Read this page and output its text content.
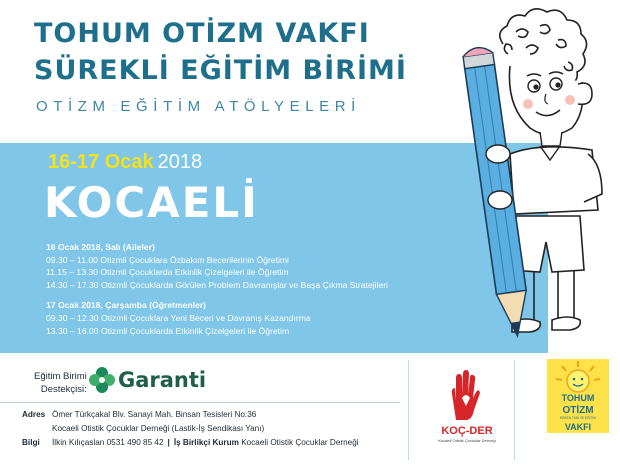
TOHUM OTİZM VAKFI
SÜREKLİ EĞİTİM BİRİMİ
OTİZM EĞİTİM ATÖLYELERİ
16-17 Ocak 2018
KOCAELİ
16 Ocak 2018, Salı (Aileler)
09.30 – 11.00 Otizmli Çocuklara Özbakım Becerilerinin Öğretimi
11.15 – 13.30 Otizmli Çocuklarda Etkinlik Çizelgeleri ile Öğretim
14.30 – 17.30 Otizmli Çocuklarda Görülen Problem Davranışlar ve Başa Çıkma Stratejileri
17 Ocak 2018, Çarşamba (Öğretmenler)
09.30 – 12.30 Otizmli Çocuklara Yeni Beceri ve Davranış Kazandırma
13.30 – 16.00 Otizmli Çocuklarda Etkinlik Çizelgeleri ile Öğretim
Eğitim Birimi
Destekçisi: Garanti
Adres Ömer Türkçakal Blv. Sanayi Mah. Binsan Tesisleri No:36
Kocaeli Otistik Çocuklar Derneği (Lastik-İş Sendikası Yanı)
Bilgi İlkin Kılıçaslan 0531 490 85 42 | İş Birlikçi Kurum Kocaeli Otistik Çocuklar Derneği
KOÇ-DER
Kocaeli Otistik Çocuklar Derneği
TOHUM
OTİZM
ERKEN TANI VE EĞİTİM
VAKFI
